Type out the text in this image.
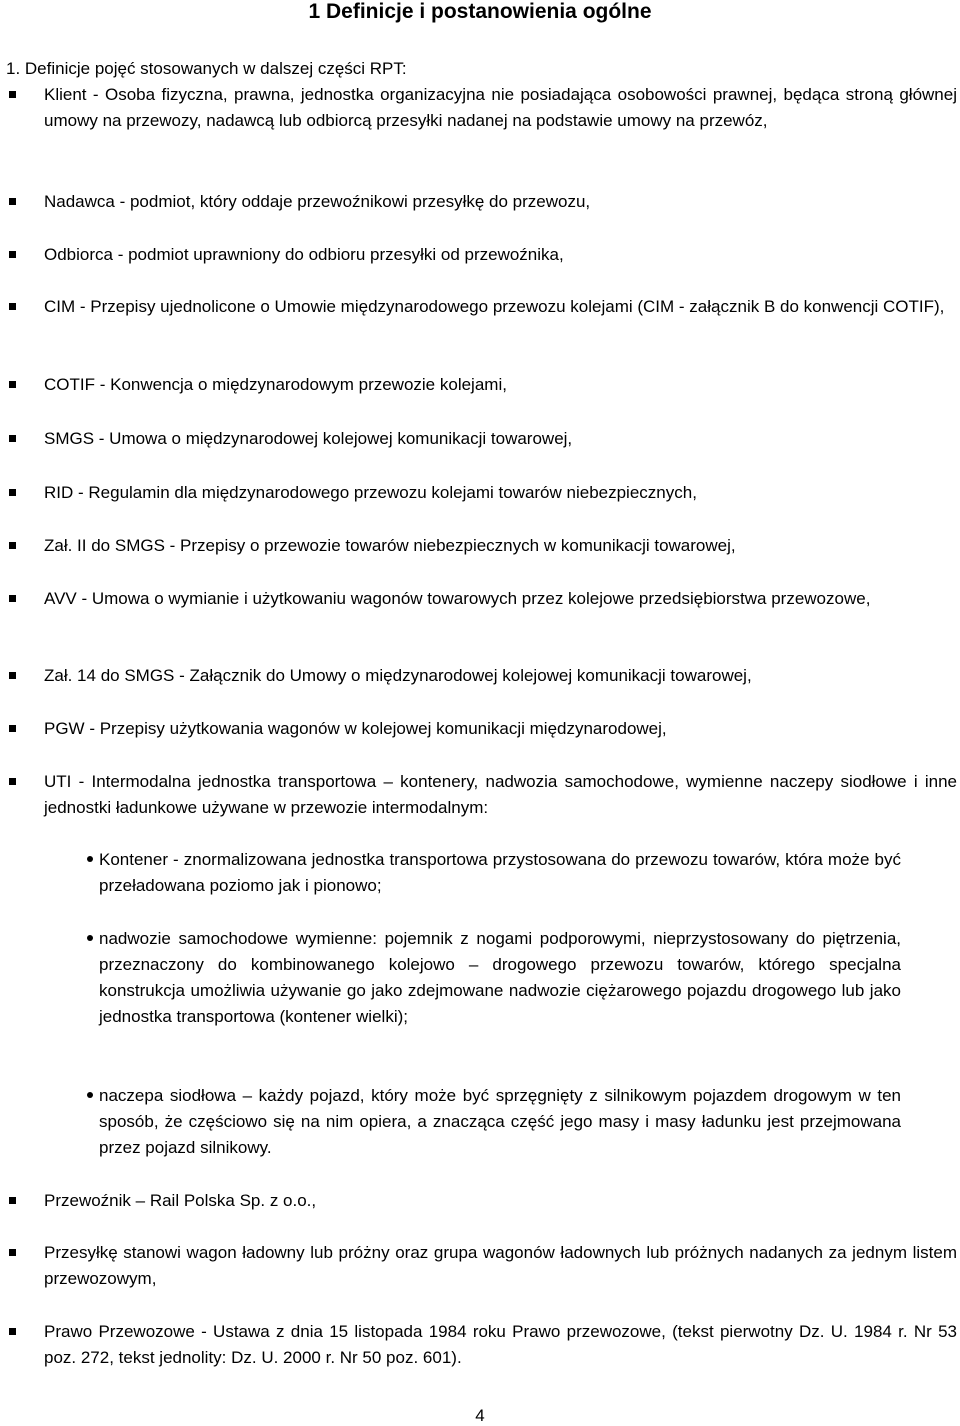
1 Definicje i postanowienia ogólne
1. Definicje pojęć stosowanych w dalszej części RPT:
Klient - Osoba fizyczna, prawna, jednostka organizacyjna nie posiadająca osobowości prawnej, będąca stroną głównej umowy na przewozy, nadawcą lub odbiorcą przesyłki nadanej na podstawie umowy na przewóz,
Nadawca - podmiot, który oddaje przewoźnikowi przesyłkę do przewozu,
Odbiorca - podmiot uprawniony do odbioru przesyłki od przewoźnika,
CIM - Przepisy ujednolicone o Umowie międzynarodowego przewozu kolejami (CIM - załącznik B do konwencji COTIF),
COTIF - Konwencja o międzynarodowym przewozie kolejami,
SMGS - Umowa o międzynarodowej kolejowej komunikacji towarowej,
RID - Regulamin dla międzynarodowego przewozu kolejami towarów niebezpiecznych,
Zał. II do SMGS - Przepisy o przewozie towarów niebezpiecznych w komunikacji towarowej,
AVV - Umowa o wymianie i użytkowaniu wagonów towarowych przez kolejowe przedsiębiorstwa przewozowe,
Zał. 14 do SMGS - Załącznik do Umowy o międzynarodowej kolejowej komunikacji towarowej,
PGW - Przepisy użytkowania wagonów w kolejowej komunikacji międzynarodowej,
UTI - Intermodalna jednostka transportowa – kontenery, nadwozia samochodowe, wymienne naczepy siodłowe i inne jednostki ładunkowe używane w przewozie intermodalnym:
Kontener - znormalizowana jednostka transportowa przystosowana do przewozu towarów, która może być przeładowana poziomo jak i pionowo;
nadwozie samochodowe wymienne: pojemnik z nogami podporowymi, nieprzystosowany do piętrzenia, przeznaczony do kombinowanego kolejowo – drogowego przewozu towarów, którego specjalna konstrukcja umożliwia używanie go jako zdejmowane nadwozie ciężarowego pojazdu drogowego lub jako jednostka transportowa (kontener wielki);
naczepa siodłowa – każdy pojazd, który może być sprzęgnięty z silnikowym pojazdem drogowym w ten sposób, że częściowo się na nim opiera, a znacząca część jego masy i masy ładunku jest przejmowana przez pojazd silnikowy.
Przewoźnik – Rail Polska Sp. z o.o.,
Przesyłkę stanowi wagon ładowny lub próżny oraz grupa wagonów ładownych lub próżnych nadanych za jednym listem przewozowym,
Prawo Przewozowe - Ustawa z dnia 15 listopada 1984 roku Prawo przewozowe, (tekst pierwotny Dz. U. 1984 r. Nr 53 poz. 272, tekst jednolity: Dz. U. 2000 r. Nr 50 poz. 601).
4
